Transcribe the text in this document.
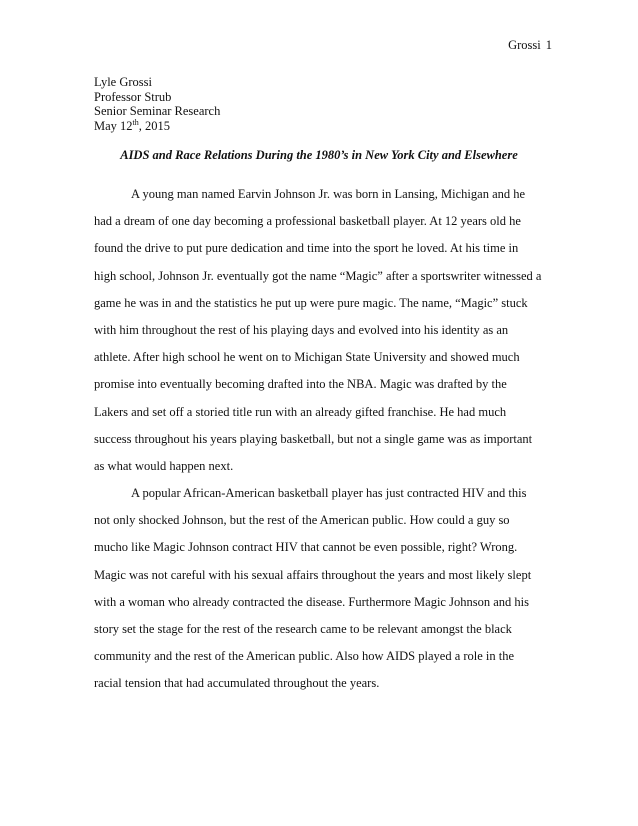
Grossi 1
Lyle Grossi
Professor Strub
Senior Seminar Research
May 12th, 2015
AIDS and Race Relations During the 1980’s in New York City and Elsewhere
A young man named Earvin Johnson Jr. was born in Lansing, Michigan and he
had a dream of one day becoming a professional basketball player. At 12 years old he
found the drive to put pure dedication and time into the sport he loved. At his time in
high school, Johnson Jr. eventually got the name “Magic” after a sportswriter witnessed a
game he was in and the statistics he put up were pure magic. The name, “Magic” stuck
with him throughout the rest of his playing days and evolved into his identity as an
athlete. After high school he went on to Michigan State University and showed much
promise into eventually becoming drafted into the NBA. Magic was drafted by the
Lakers and set off a storied title run with an already gifted franchise. He had much
success throughout his years playing basketball, but not a single game was as important
as what would happen next.
A popular African-American basketball player has just contracted HIV and this
not only shocked Johnson, but the rest of the American public. How could a guy so
mucho like Magic Johnson contract HIV that cannot be even possible, right? Wrong.
Magic was not careful with his sexual affairs throughout the years and most likely slept
with a woman who already contracted the disease. Furthermore Magic Johnson and his
story set the stage for the rest of the research came to be relevant amongst the black
community and the rest of the American public. Also how AIDS played a role in the
racial tension that had accumulated throughout the years.
